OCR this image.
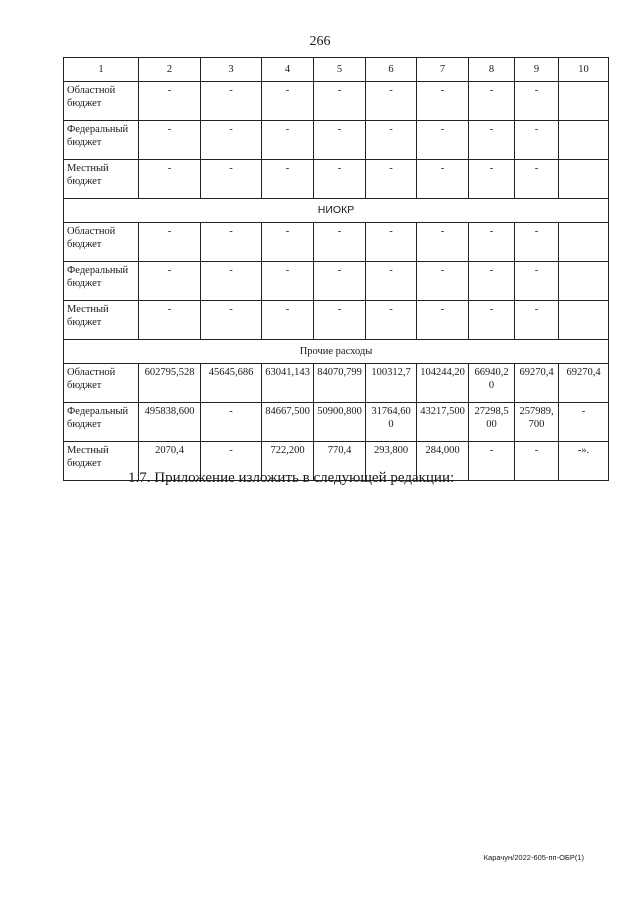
266
1	2	3	4	5	6	7	8	9	10
Областной бюджет	-	-	-	-	-	-	-	-	
Федеральный бюджет	-	-	-	-	-	-	-	-	
Местный бюджет	-	-	-	-	-	-	-	-	
НИОКР									
Областной бюджет	-	-	-	-	-	-	-	-	
Федеральный бюджет	-	-	-	-	-	-	-	-	
Местный бюджет	-	-	-	-	-	-	-	-	
Прочие расходы									
Областной бюджет	602795,528	45645,686	63041,143	84070,799	100312,7	104244,20	66940,20	69270,4	69270,4
Федеральный бюджет	495838,600	-	84667,500	50900,800	31764,600	43217,500	27298,500	257989,700	-
Местный бюджет	2070,4	-	722,200	770,4	293,800	284,000	-	-	-».
1.7. Приложение изложить в следующей редакции:
Карачун/2022-605-пп-ОБР(1)
